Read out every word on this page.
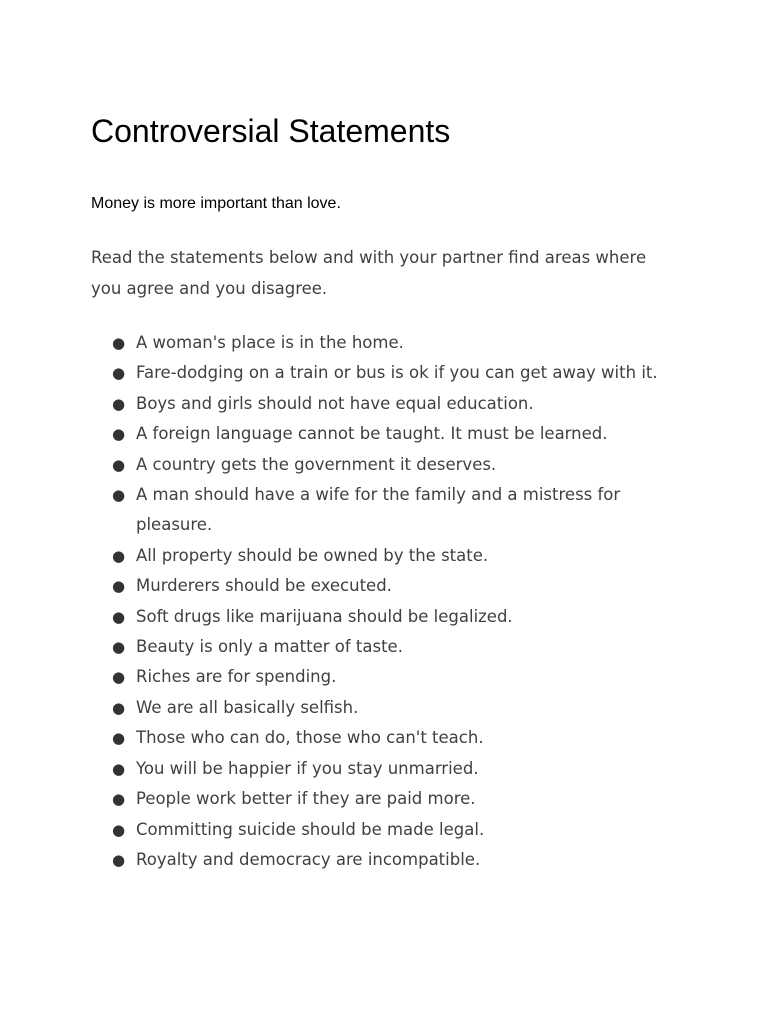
Controversial Statements

Money is more important than love.

Read the statements below and with your partner find areas where you agree and you disagree.

● A woman's place is in the home.
● Fare-dodging on a train or bus is ok if you can get away with it.
● Boys and girls should not have equal education.
● A foreign language cannot be taught. It must be learned.
● A country gets the government it deserves.
● A man should have a wife for the family and a mistress for pleasure.
● All property should be owned by the state.
● Murderers should be executed.
● Soft drugs like marijuana should be legalized.
● Beauty is only a matter of taste.
● Riches are for spending.
● We are all basically selfish.
● Those who can do, those who can't teach.
● You will be happier if you stay unmarried.
● People work better if they are paid more.
● Committing suicide should be made legal.
● Royalty and democracy are incompatible.
